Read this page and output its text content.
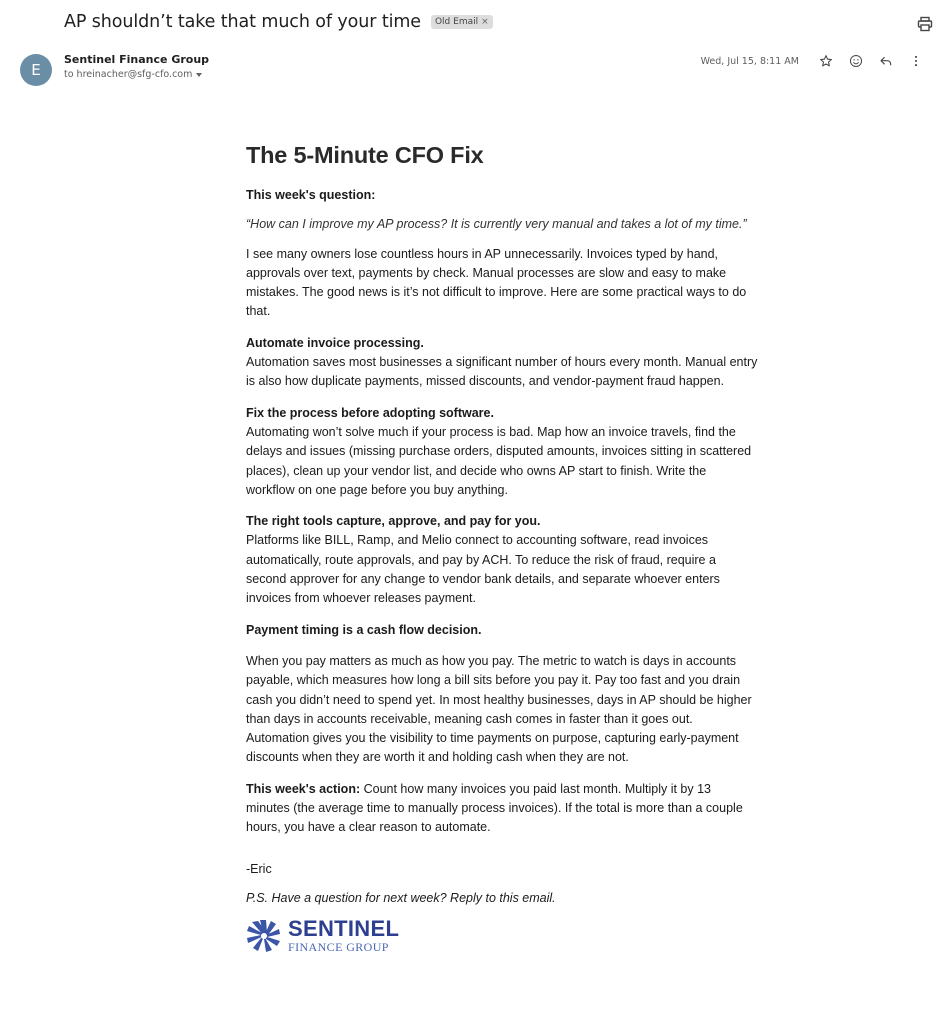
AP shouldn’t take that much of your time Old Email ×
E
Sentinel Finance Group
to hreinacher@sfg-cfo.com
Wed, Jul 15, 8:11 AM
The 5-Minute CFO Fix

This week's question:

“How can I improve my AP process? It is currently very manual and takes a lot of my time.”

I see many owners lose countless hours in AP unnecessarily. Invoices typed by hand, approvals over text, payments by check. Manual processes are slow and easy to make mistakes. The good news is it’s not difficult to improve. Here are some practical ways to do that.

Automate invoice processing.
Automation saves most businesses a significant number of hours every month. Manual entry is also how duplicate payments, missed discounts, and vendor-payment fraud happen.

Fix the process before adopting software.
Automating won’t solve much if your process is bad. Map how an invoice travels, find the delays and issues (missing purchase orders, disputed amounts, invoices sitting in scattered places), clean up your vendor list, and decide who owns AP start to finish. Write the workflow on one page before you buy anything.

The right tools capture, approve, and pay for you.
Platforms like BILL, Ramp, and Melio connect to accounting software, read invoices automatically, route approvals, and pay by ACH. To reduce the risk of fraud, require a second approver for any change to vendor bank details, and separate whoever enters invoices from whoever releases payment.

Payment timing is a cash flow decision.

When you pay matters as much as how you pay. The metric to watch is days in accounts payable, which measures how long a bill sits before you pay it. Pay too fast and you drain cash you didn’t need to spend yet. In most healthy businesses, days in AP should be higher than days in accounts receivable, meaning cash comes in faster than it goes out. Automation gives you the visibility to time payments on purpose, capturing early-payment discounts when they are worth it and holding cash when they are not.

This week's action: Count how many invoices you paid last month. Multiply it by 13 minutes (the average time to manually process invoices). If the total is more than a couple hours, you have a clear reason to automate.

-Eric

P.S. Have a question for next week? Reply to this email.

SENTINEL
FINANCE GROUP
